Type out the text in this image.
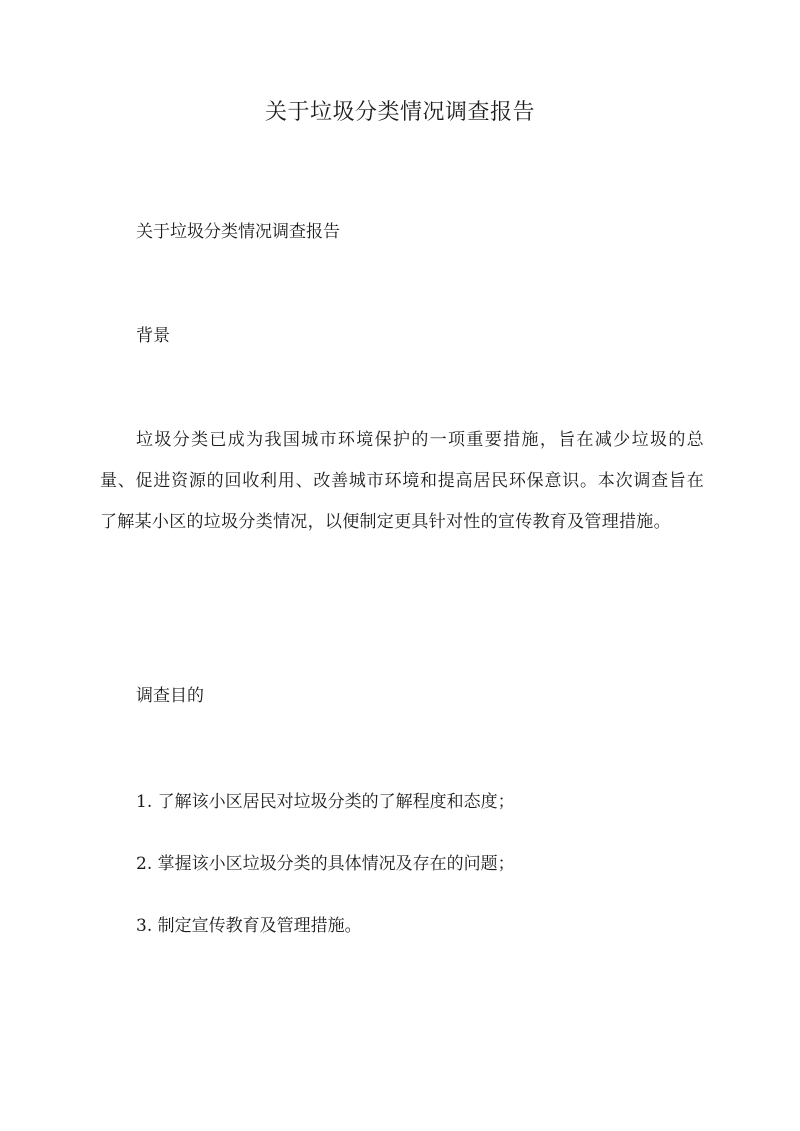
关于垃圾分类情况调查报告
关于垃圾分类情况调查报告
背景
垃圾分类已成为我国城市环境保护的一项重要措施，旨在减少垃圾的总量、促进资源的回收利用、改善城市环境和提高居民环保意识。本次调查旨在了解某小区的垃圾分类情况，以便制定更具针对性的宣传教育及管理措施。
调查目的
1. 了解该小区居民对垃圾分类的了解程度和态度；
2. 掌握该小区垃圾分类的具体情况及存在的问题；
3. 制定宣传教育及管理措施。
